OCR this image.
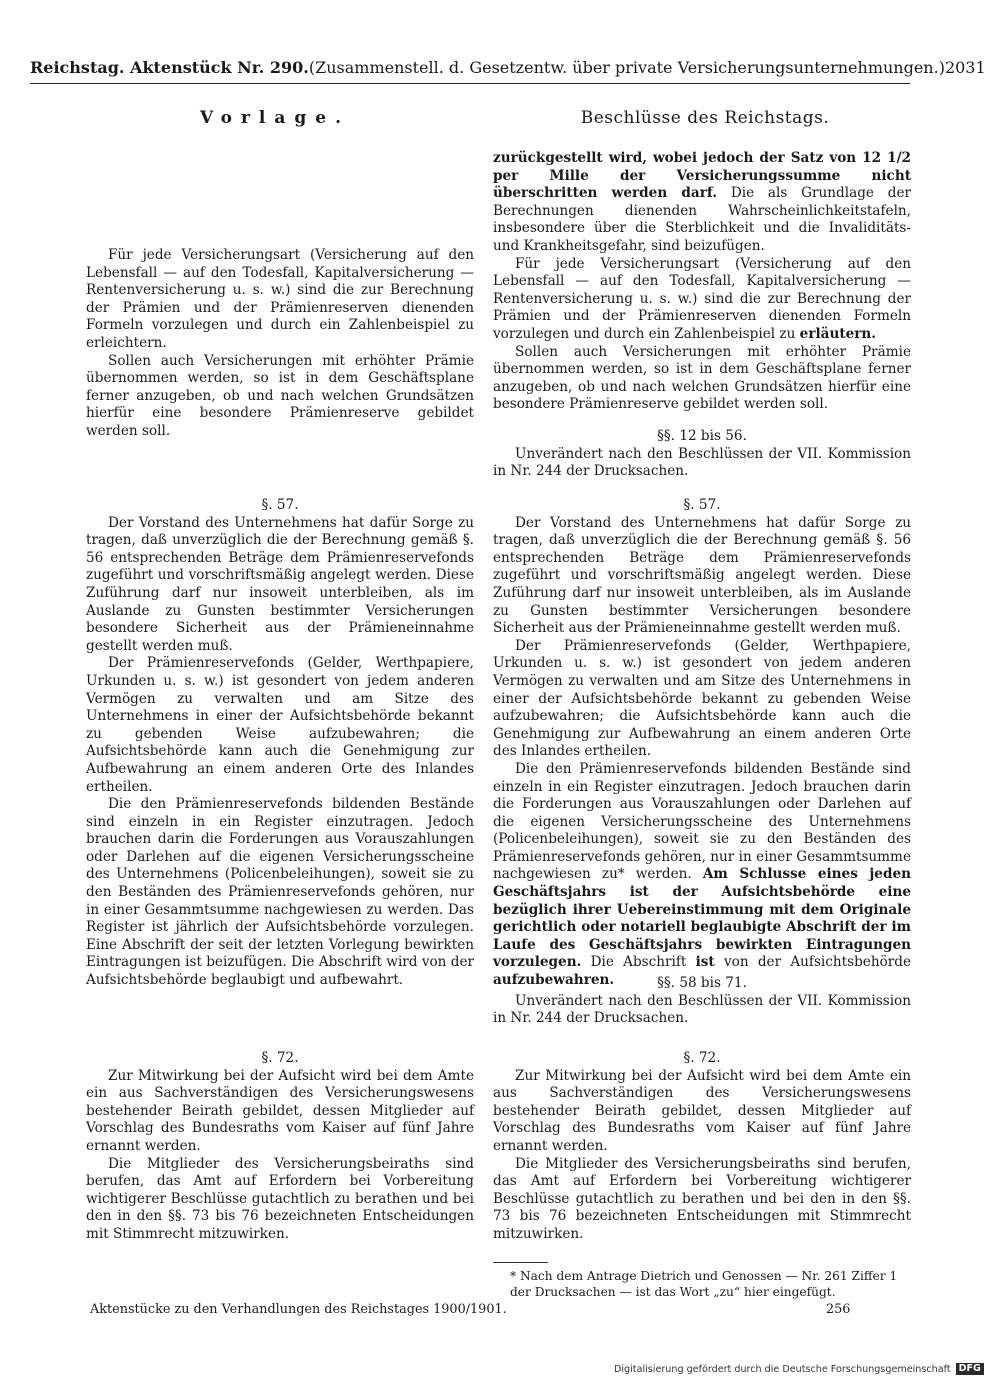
Reichstag. Aktenstück Nr. 290. (Zusammenstell. d. Gesetzentw. über private Versicherungsunternehmungen.) 2031
Vorlage.	Beschlüsse des Reichstags.

zurückgestellt wird, wobei jedoch der Satz von 12 1/2 per Mille der Versicherungssumme nicht überschritten werden darf. Die als Grundlage der Berechnungen dienenden Wahrscheinlichkeitstafeln, insbesondere über die Sterblichkeit und die Invaliditäts- und Krankheitsgefahr, sind beizufügen.

Für jede Versicherungsart (Versicherung auf den Lebensfall — auf den Todesfall, Kapitalversicherung — Rentenversicherung u. s. w.) sind die zur Berechnung der Prämien und der Prämienreserven dienenden Formeln vorzulegen und durch ein Zahlenbeispiel zu erläutern.

Sollen auch Versicherungen mit erhöhter Prämie übernommen werden, so ist in dem Geschäftsplane ferner anzugeben, ob und nach welchen Grundsätzen hierfür eine besondere Prämienreserve gebildet werden soll.

§§. 12 bis 56.

Unverändert nach den Beschlüssen der VII. Kommission in Nr. 244 der Drucksachen.

§. 57.

Der Vorstand des Unternehmens hat dafür Sorge zu tragen, daß unverzüglich die der Berechnung gemäß §. 56 entsprechenden Beträge dem Prämienreservefonds zugeführt und vorschriftsmäßig angelegt werden. Diese Zuführung darf nur insoweit unterbleiben, als im Auslande zu Gunsten bestimmter Versicherungen besondere Sicherheit aus der Prämieneinnahme gestellt werden muß.

Der Prämienreservefonds (Gelder, Werthpapiere, Urkunden u. s. w.) ist gesondert von jedem anderen Vermögen zu verwalten und am Sitze des Unternehmens in einer der Aufsichtsbehörde bekannt zu gebenden Weise aufzubewahren; die Aufsichtsbehörde kann auch die Genehmigung zur Aufbewahrung an einem anderen Orte des Inlandes ertheilen.

Die den Prämienreservefonds bildenden Bestände sind einzeln in ein Register einzutragen. Jedoch brauchen darin die Forderungen aus Vorauszahlungen oder Darlehen auf die eigenen Versicherungsscheine des Unternehmens (Policenbeleihungen), soweit sie zu den Beständen des Prämienreservefonds gehören, nur in einer Gesammtsumme nachgewiesen zu* werden. Am Schlusse eines jeden Geschäftsjahrs ist der Aufsichtsbehörde eine bezüglich ihrer Uebereinstimmung mit dem Originale gerichtlich oder notariell beglaubigte Abschrift der im Laufe des Geschäftsjahrs bewirkten Eintragungen vorzulegen. Die Abschrift ist von der Aufsichtsbehörde aufzubewahren.	§§. 58 bis 71.

Unverändert nach den Beschlüssen der VII. Kommission in Nr. 244 der Drucksachen.

§. 72.

Zur Mitwirkung bei der Aufsicht wird bei dem Amte ein aus Sachverständigen des Versicherungswesens bestehender Beirath gebildet, dessen Mitglieder auf Vorschlag des Bundesraths vom Kaiser auf fünf Jahre ernannt werden.

Die Mitglieder des Versicherungsbeiraths sind berufen, das Amt auf Erfordern bei Vorbereitung wichtigerer Beschlüsse gutachtlich zu berathen und bei den in den §§. 73 bis 76 bezeichneten Entscheidungen mit Stimmrecht mitzuwirken.

Für jede Versicherungsart (Versicherung auf den Lebensfall — auf den Todesfall, Kapitalversicherung — Rentenversicherung u. s. w.) sind die zur Berechnung der Prämien und der Prämienreserven dienenden Formeln vorzulegen und durch ein Zahlenbeispiel zu erleichtern.

Sollen auch Versicherungen mit erhöhter Prämie übernommen werden, so ist in dem Geschäftsplane ferner anzugeben, ob und nach welchen Grundsätzen hierfür eine besondere Prämienreserve gebildet werden soll.

§. 57.

Der Vorstand des Unternehmens hat dafür Sorge zu tragen, daß unverzüglich die der Berechnung gemäß §. 56 entsprechenden Beträge dem Prämienreservefonds zugeführt und vorschriftsmäßig angelegt werden. Diese Zuführung darf nur insoweit unterbleiben, als im Auslande zu Gunsten bestimmter Versicherungen besondere Sicherheit aus der Prämieneinnahme gestellt werden muß.

Der Prämienreservefonds (Gelder, Werthpapiere, Urkunden u. s. w.) ist gesondert von jedem anderen Vermögen zu verwalten und am Sitze des Unternehmens in einer der Aufsichtsbehörde bekannt zu gebenden Weise aufzubewahren; die Aufsichtsbehörde kann auch die Genehmigung zur Aufbewahrung an einem anderen Orte des Inlandes ertheilen.

Die den Prämienreservefonds bildenden Bestände sind einzeln in ein Register einzutragen. Jedoch brauchen darin die Forderungen aus Vorauszahlungen oder Darlehen auf die eigenen Versicherungsscheine des Unternehmens (Policenbeleihungen), soweit sie zu den Beständen des Prämienreservefonds gehören, nur in einer Gesammtsumme nachgewiesen zu werden. Das Register ist jährlich der Aufsichtsbehörde vorzulegen. Eine Abschrift der seit der letzten Vorlegung bewirkten Eintragungen ist beizufügen. Die Abschrift wird von der Aufsichtsbehörde beglaubigt und aufbewahrt.

§. 72.

Zur Mitwirkung bei der Aufsicht wird bei dem Amte ein aus Sachverständigen des Versicherungswesens bestehender Beirath gebildet, dessen Mitglieder auf Vorschlag des Bundesraths vom Kaiser auf fünf Jahre ernannt werden.

Die Mitglieder des Versicherungsbeiraths sind berufen, das Amt auf Erfordern bei Vorbereitung wichtigerer Beschlüsse gutachtlich zu berathen und bei den in den §§. 73 bis 76 bezeichneten Entscheidungen mit Stimmrecht mitzuwirken.

* Nach dem Antrage Dietrich und Genossen — Nr. 261 Ziffer 1 der Drucksachen — ist das Wort „zu“ hier eingefügt.
Aktenstücke zu den Verhandlungen des Reichstages 1900/1901.	256
Digitalisierung gefördert durch die Deutsche Forschungsgemeinschaft DFG
